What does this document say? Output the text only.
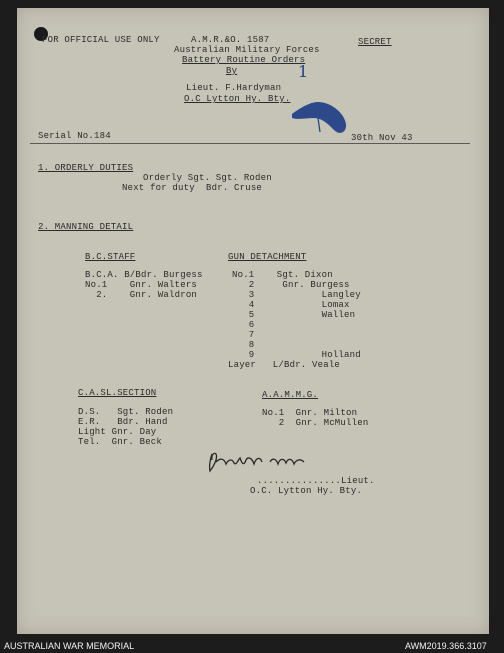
FOR OFFICIAL USE ONLY	A.M.R.&O. 1587	SECRET
Australian Military Forces
Battery Routine Orders
By
Lieut. F.Hardyman
O.C Lytton Hy. Bty.
1
Serial No.184	30th Nov 43
1. ORDERLY DUTIES
Orderly Sgt. Sgt. Roden
Next for duty  Bdr. Cruse
2. MANNING DETAIL
B.C.STAFF
B.C.A. B/Bdr. Burgess
No.1    Gnr. Walters
2.    Gnr. Waldron
GUN DETACHMENT
No.1    Sgt. Dixon
2     Gnr. Burgess
3            Langley
4            Lomax
5            Wallen
6
7
8
9            Holland
Layer   L/Bdr. Veale
C.A.SL.SECTION
D.S.   Sgt. Roden
E.R.   Bdr. Hand
Light Gnr. Day
Tel.  Gnr. Beck
A.A.M.M.G.
No.1  Gnr. Milton
2  Gnr. McMullen
...............Lieut.
O.C. Lytton Hy. Bty.
AUSTRALIAN WAR MEMORIAL	AWM2019.366.3107
